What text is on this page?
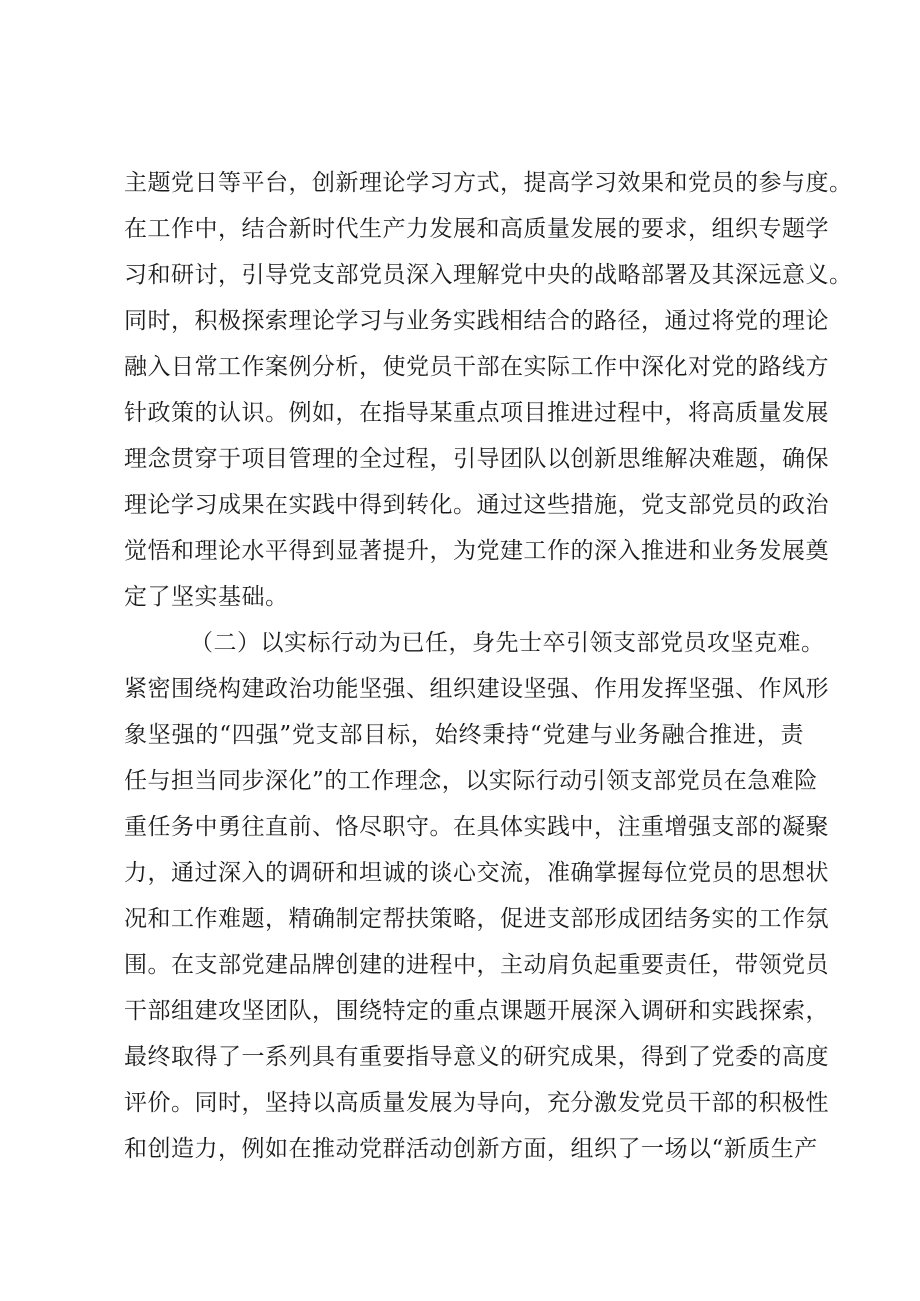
主题党日等平台，创新理论学习方式，提高学习效果和党员的参与度。
在工作中，结合新时代生产力发展和高质量发展的要求，组织专题学
习和研讨，引导党支部党员深入理解党中央的战略部署及其深远意义。
同时，积极探索理论学习与业务实践相结合的路径，通过将党的理论
融入日常工作案例分析，使党员干部在实际工作中深化对党的路线方
针政策的认识。例如，在指导某重点项目推进过程中，将高质量发展
理念贯穿于项目管理的全过程，引导团队以创新思维解决难题，确保
理论学习成果在实践中得到转化。通过这些措施，党支部党员的政治
觉悟和理论水平得到显著提升，为党建工作的深入推进和业务发展奠
定了坚实基础。
（二）以实标行动为已任，身先士卒引领支部党员攻坚克难。
紧密围绕构建政治功能坚强、组织建设坚强、作用发挥坚强、作风形
象坚强的“四强”党支部目标，始终秉持“党建与业务融合推进，责
任与担当同步深化”的工作理念，以实际行动引领支部党员在急难险
重任务中勇往直前、恪尽职守。在具体实践中，注重增强支部的凝聚
力，通过深入的调研和坦诚的谈心交流，准确掌握每位党员的思想状
况和工作难题，精确制定帮扶策略，促进支部形成团结务实的工作氛
围。在支部党建品牌创建的进程中，主动肩负起重要责任，带领党员
干部组建攻坚团队，围绕特定的重点课题开展深入调研和实践探索，
最终取得了一系列具有重要指导意义的研究成果，得到了党委的高度
评价。同时，坚持以高质量发展为导向，充分激发党员干部的积极性
和创造力，例如在推动党群活动创新方面，组织了一场以“新质生产
